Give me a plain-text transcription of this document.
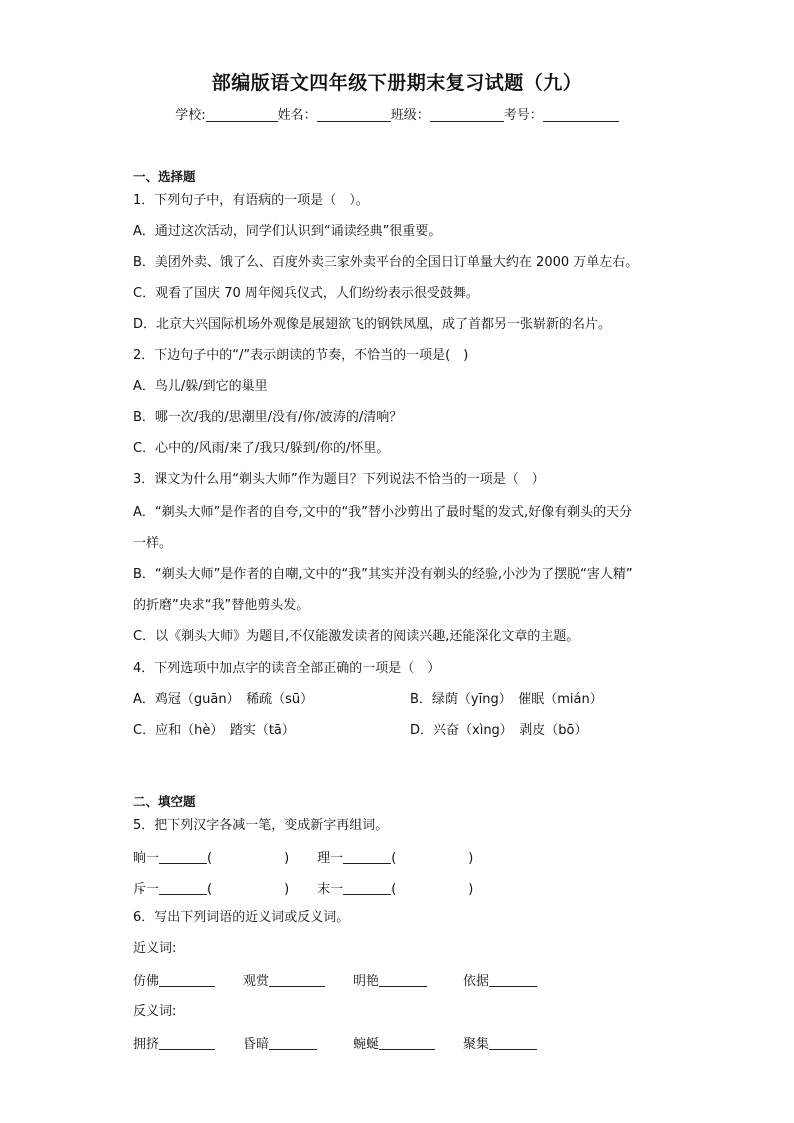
部编版语文四年级下册期末复习试题（九）
学校:	姓名：	班级：	考号：
一、选择题
1．下列句子中，有语病的一项是（　）。
A．通过这次活动，同学们认识到“诵读经典”很重要。
B．美团外卖、饿了么、百度外卖三家外卖平台的全国日订单量大约在 2000 万单左右。
C．观看了国庆 70 周年阅兵仪式，人们纷纷表示很受鼓舞。
D．北京大兴国际机场外观像是展翅欲飞的钢铁凤凰，成了首都另一张崭新的名片。
2．下边句子中的“/”表示朗读的节奏，不恰当的一项是(　)
A．鸟儿/躲/到它的巢里
B．哪一次/我的/思潮里/没有/你/波涛的/清响？
C．心中的/风雨/来了/我只/躲到/你的/怀里。
3．课文为什么用“剃头大师”作为题目？下列说法不恰当的一项是（　）
A．“剃头大师”是作者的自夸,文中的“我”替小沙剪出了最时髦的发式,好像有剃头的天分
一样。
B．“剃头大师”是作者的自嘲,文中的“我”其实并没有剃头的经验,小沙为了摆脱“害人精”
的折磨”央求“我”替他剪头发。
C．以《剃头大师》为题目,不仅能激发读者的阅读兴趣,还能深化文章的主题。
4．下列选项中加点字的读音全部正确的一项是（　）
A．鸡冠（guān）　稀疏（sū）	B．绿荫（yīng）　催眠（mián）
C．应和（hè）　踏实（tā）	D．兴奋（xìng）　剥皮（bō）
二、填空题
5．把下列汉字各减一笔，变成新字再组词。
晌一	(	) 理一	(	)
斥一	(	) 末一	(	)
6．写出下列词语的近义词或反义词。
近义词:
仿佛	观赏	明艳	依据
反义词:
拥挤	昏暗	蜿蜒	聚集
